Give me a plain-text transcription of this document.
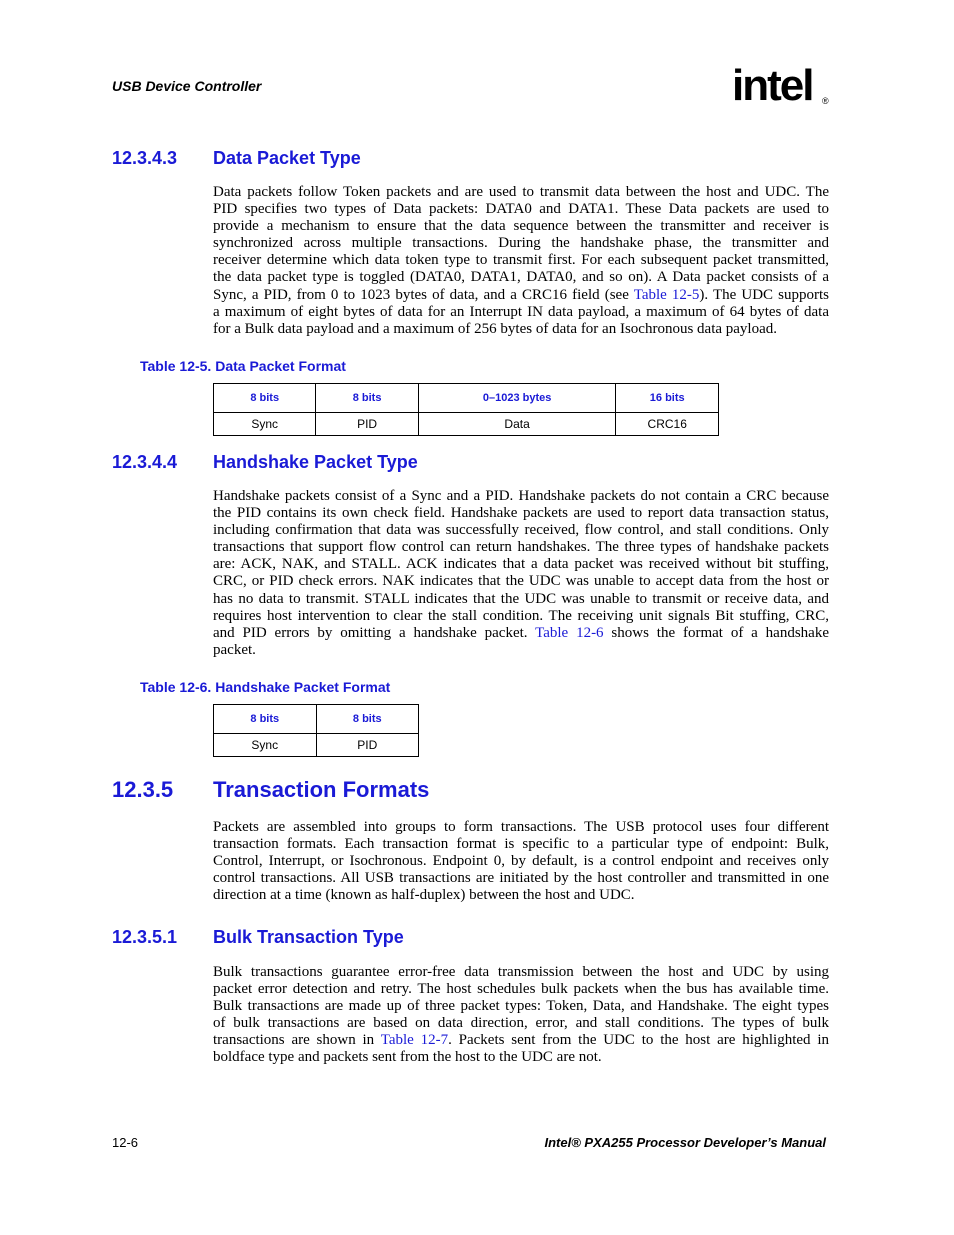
USB Device Controller	intel ®
12.3.4.3 Data Packet Type
Data packets follow Token packets and are used to transmit data between the host and UDC. The
PID specifies two types of Data packets: DATA0 and DATA1. These Data packets are used to
provide a mechanism to ensure that the data sequence between the transmitter and receiver is
synchronized across multiple transactions. During the handshake phase, the transmitter and
receiver determine which data token type to transmit first. For each subsequent packet transmitted,
the data packet type is toggled (DATA0, DATA1, DATA0, and so on). A Data packet consists of a
Sync, a PID, from 0 to 1023 bytes of data, and a CRC16 field (see Table 12-5). The UDC supports
a maximum of eight bytes of data for an Interrupt IN data payload, a maximum of 64 bytes of data
for a Bulk data payload and a maximum of 256 bytes of data for an Isochronous data payload.
Table 12-5. Data Packet Format
8 bits	8 bits	0–1023 bytes	16 bits
Sync	PID	Data	CRC16
12.3.4.4 Handshake Packet Type
Handshake packets consist of a Sync and a PID. Handshake packets do not contain a CRC because
the PID contains its own check field. Handshake packets are used to report data transaction status,
including confirmation that data was successfully received, flow control, and stall conditions. Only
transactions that support flow control can return handshakes. The three types of handshake packets
are: ACK, NAK, and STALL. ACK indicates that a data packet was received without bit stuffing,
CRC, or PID check errors. NAK indicates that the UDC was unable to accept data from the host or
has no data to transmit. STALL indicates that the UDC was unable to transmit or receive data, and
requires host intervention to clear the stall condition. The receiving unit signals Bit stuffing, CRC,
and PID errors by omitting a handshake packet. Table 12-6 shows the format of a handshake
packet.
Table 12-6. Handshake Packet Format
8 bits	8 bits
Sync	PID
12.3.5 Transaction Formats
Packets are assembled into groups to form transactions. The USB protocol uses four different
transaction formats. Each transaction format is specific to a particular type of endpoint: Bulk,
Control, Interrupt, or Isochronous. Endpoint 0, by default, is a control endpoint and receives only
control transactions. All USB transactions are initiated by the host controller and transmitted in one
direction at a time (known as half-duplex) between the host and UDC.
12.3.5.1 Bulk Transaction Type
Bulk transactions guarantee error-free data transmission between the host and UDC by using
packet error detection and retry. The host schedules bulk packets when the bus has available time.
Bulk transactions are made up of three packet types: Token, Data, and Handshake. The eight types
of bulk transactions are based on data direction, error, and stall conditions. The types of bulk
transactions are shown in Table 12-7. Packets sent from the UDC to the host are highlighted in
boldface type and packets sent from the host to the UDC are not.
12-6	Intel® PXA255 Processor Developer’s Manual
